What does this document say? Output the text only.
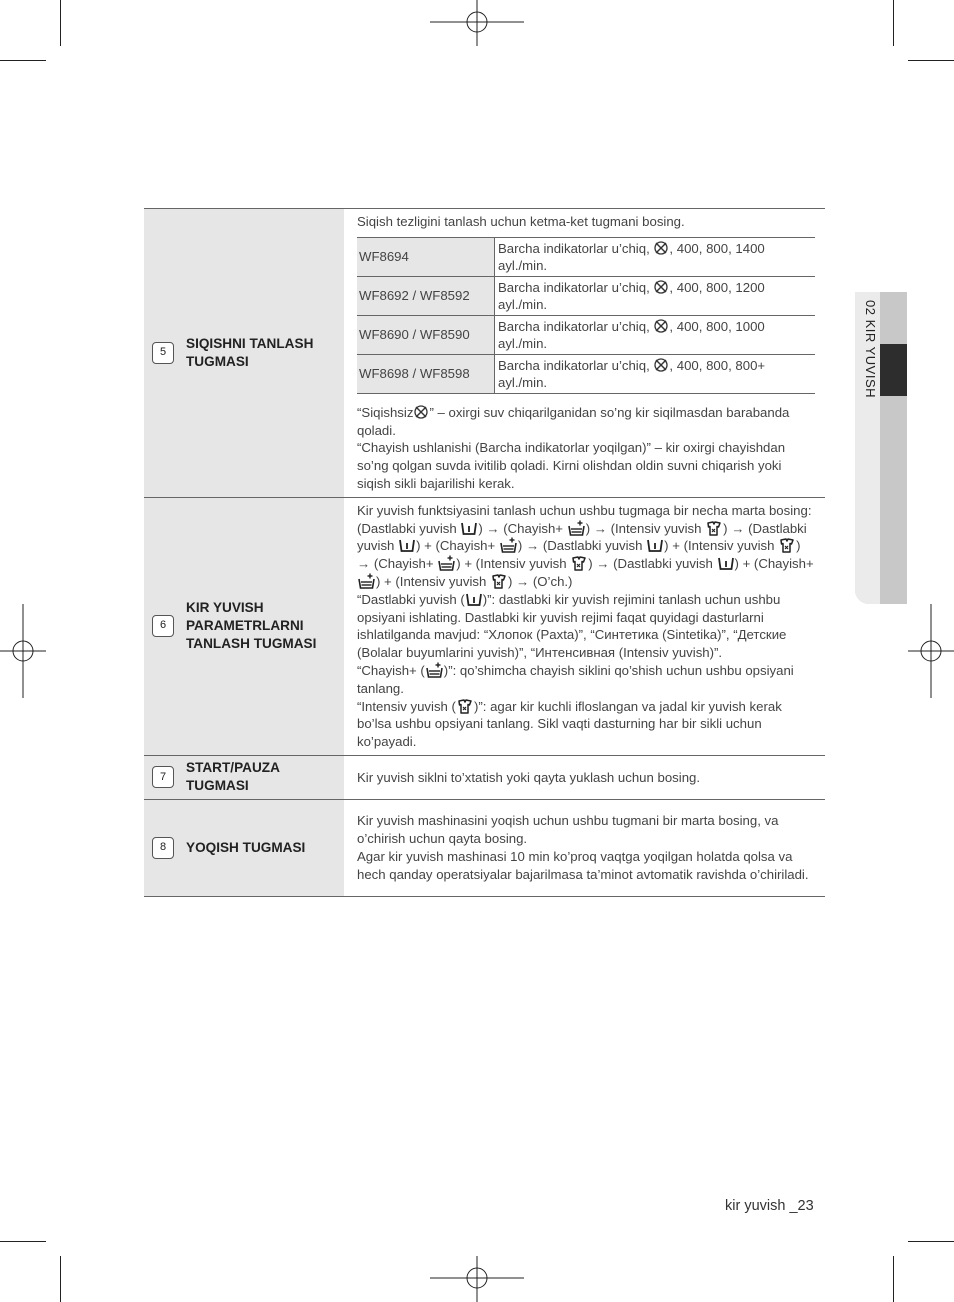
02 KIR YUVISH
5
SIQISHNI TANLASH TUGMASI

Siqish tezligini tanlash uchun ketma-ket tugmani bosing.

WF8694	Barcha indikatorlar u’chiq, , 400, 800, 1400 ayl./min.
WF8692 / WF8592	Barcha indikatorlar u’chiq, , 400, 800, 1200 ayl./min.
WF8690 / WF8590	Barcha indikatorlar u’chiq, , 400, 800, 1000 ayl./min.
WF8698 / WF8598	Barcha indikatorlar u’chiq, , 400, 800, 800+ ayl./min.

“Siqishsiz ” – oxirgi suv chiqarilganidan so’ng kir siqilmasdan barabanda qoladi.

“Chayish ushlanishi (Barcha indikatorlar yoqilgan)” – kir oxirgi chayishdan so’ng qolgan suvda ivitilib qoladi. Kirni olishdan oldin suvni chiqarish yoki siqish sikli bajarilishi kerak.

6
KIR YUVISH PARAMETRLARNI TANLASH TUGMASI

Kir yuvish funktsiyasini tanlash uchun ushbu tugmaga bir necha marta bosing: (Dastlabki yuvish ) → (Chayish+ ) → (Intensiv yuvish ) → (Dastlabki yuvish ) + (Chayish+ ) → (Dastlabki yuvish ) + (Intensiv yuvish ) → (Chayish+ ) + (Intensiv yuvish ) → (Dastlabki yuvish ) + (Chayish+ ) + (Intensiv yuvish ) → (O’ch.)

“Dastlabki yuvish ( )”: dastlabki kir yuvish rejimini tanlash uchun ushbu opsiyani ishlating. Dastlabki kir yuvish rejimi faqat quyidagi dasturlarni ishlatilganda mavjud: “Хлопок (Paxta)”, “Синтетика (Sintetika)”, “Детские (Bolalar buyumlarini yuvish)”, “Интенсивная (Intensiv yuvish)”.

“Chayish+ ( )”: qo’shimcha chayish siklini qo’shish uchun ushbu opsiyani tanlang.

“Intensiv yuvish ( )”: agar kir kuchli ifloslangan va jadal kir yuvish kerak bo’lsa ushbu opsiyani tanlang. Sikl vaqti dasturning har bir sikli uchun ko’payadi.

7
START/PAUZA TUGMASI

Kir yuvish siklni to’xtatish yoki qayta yuklash uchun bosing.

8	YOQISH TUGMASI

Kir yuvish mashinasini yoqish uchun ushbu tugmani bir marta bosing, va o’chirish uchun qayta bosing.

Agar kir yuvish mashinasi 10 min ko’proq vaqtga yoqilgan holatda qolsa va hech qanday operatsiyalar bajarilmasa ta’minot avtomatik ravishda o’chiriladi.

kir yuvish _23
